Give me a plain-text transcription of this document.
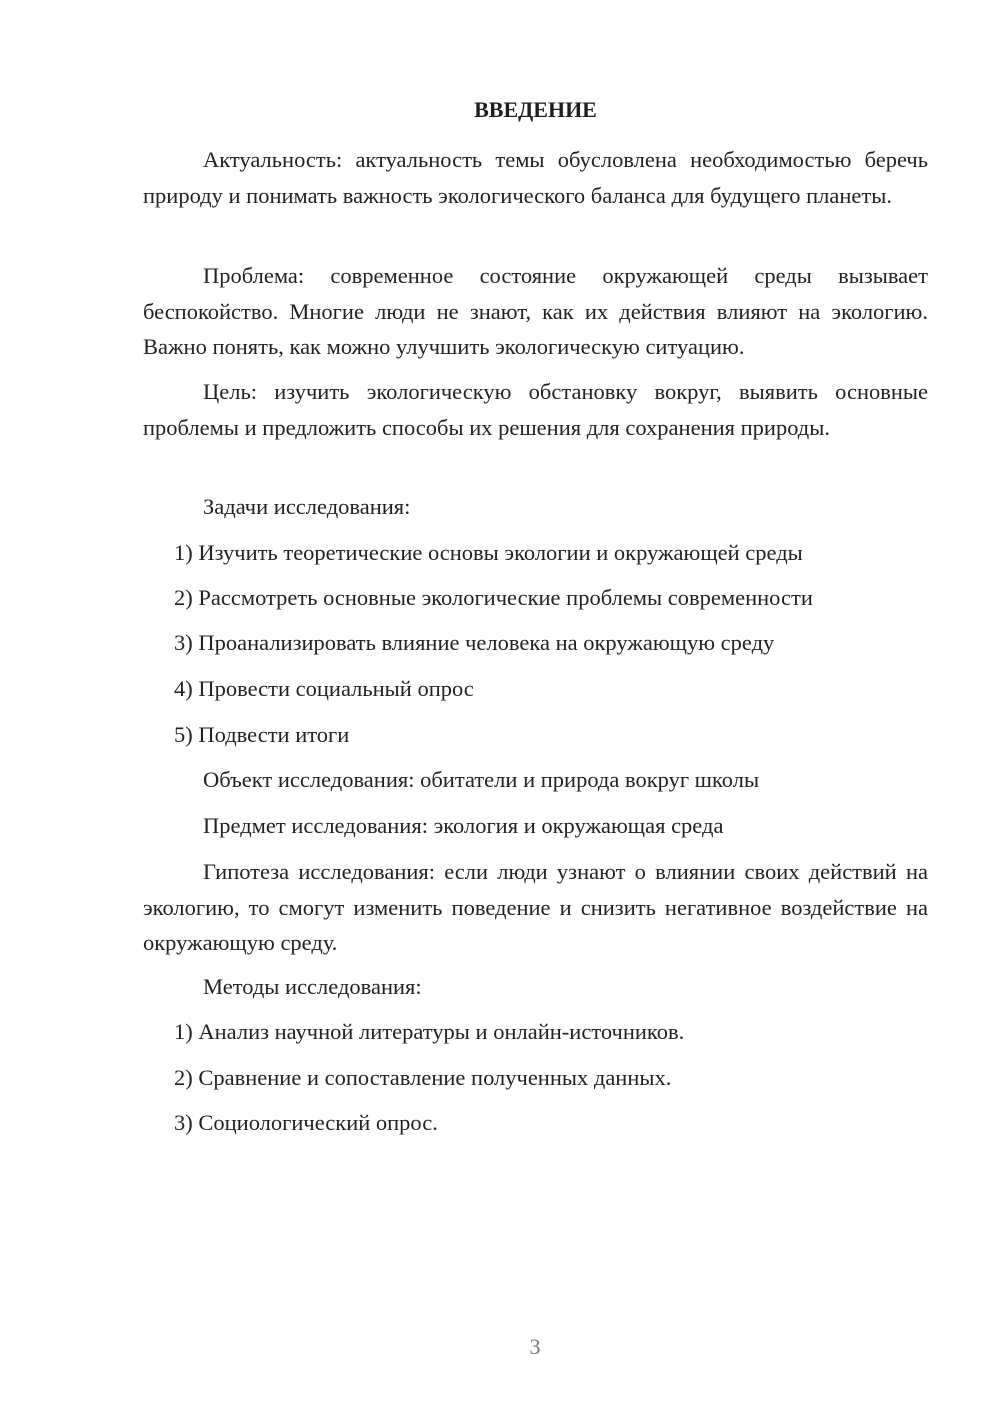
ВВЕДЕНИЕ

Актуальность: актуальность темы обусловлена необходимостью беречь природу и понимать важность экологического баланса для будущего планеты.

Проблема: современное состояние окружающей среды вызывает беспокойство. Многие люди не знают, как их действия влияют на экологию. Важно понять, как можно улучшить экологическую ситуацию.

Цель: изучить экологическую обстановку вокруг, выявить основные проблемы и предложить способы их решения для сохранения природы.

Задачи исследования:

1) Изучить теоретические основы экологии и окружающей среды

2) Рассмотреть основные экологические проблемы современности

3) Проанализировать влияние человека на окружающую среду

4) Провести социальный опрос

5) Подвести итоги

Объект исследования: обитатели и природа вокруг школы

Предмет исследования: экология и окружающая среда

Гипотеза исследования: если люди узнают о влиянии своих действий на экологию, то смогут изменить поведение и снизить негативное воздействие на окружающую среду.

Методы исследования:

1) Анализ научной литературы и онлайн-источников.

2) Сравнение и сопоставление полученных данных.

3) Социологический опрос.

3
